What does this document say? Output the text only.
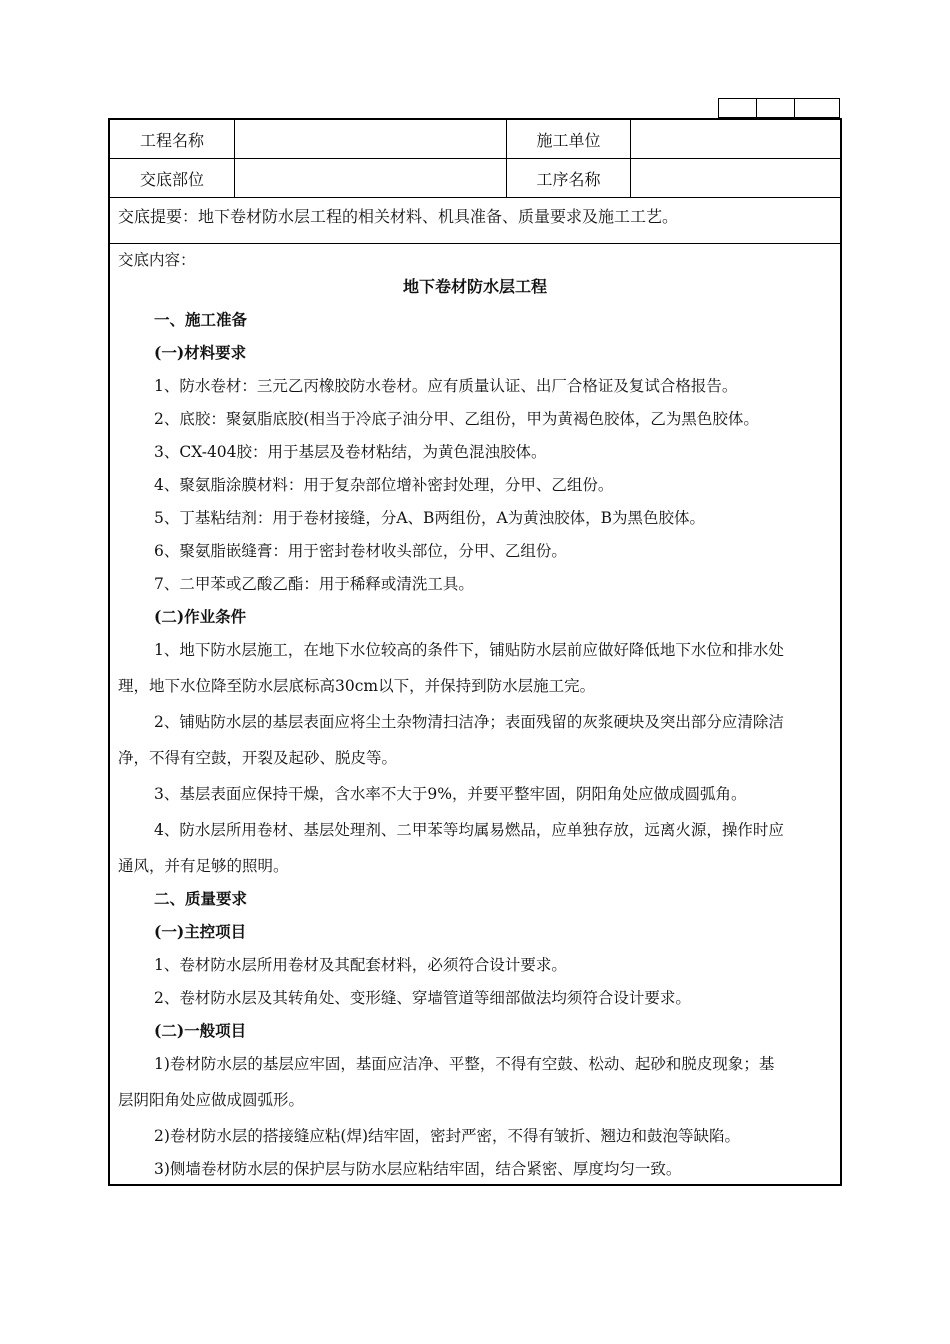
工程名称	施工单位
交底部位	工序名称
交底提要：地下卷材防水层工程的相关材料、机具准备、质量要求及施工工艺。
交底内容：
地下卷材防水层工程
一、施工准备
(一)材料要求
1、防水卷材：三元乙丙橡胶防水卷材。应有质量认证、出厂合格证及复试合格报告。
2、底胶：聚氨脂底胶(相当于冷底子油分甲、乙组份，甲为黄褐色胶体，乙为黑色胶体。
3、CX-404胶：用于基层及卷材粘结，为黄色混浊胶体。
4、聚氨脂涂膜材料：用于复杂部位增补密封处理，分甲、乙组份。
5、丁基粘结剂：用于卷材接缝，分A、B两组份，A为黄浊胶体，B为黑色胶体。
6、聚氨脂嵌缝膏：用于密封卷材收头部位，分甲、乙组份。
7、二甲苯或乙酸乙酯：用于稀释或清洗工具。
(二)作业条件
1、地下防水层施工，在地下水位较高的条件下，铺贴防水层前应做好降低地下水位和排水处
理，地下水位降至防水层底标高30cm以下，并保持到防水层施工完。
2、铺贴防水层的基层表面应将尘土杂物清扫洁净；表面残留的灰浆硬块及突出部分应清除洁
净，不得有空鼓，开裂及起砂、脱皮等。
3、基层表面应保持干燥，含水率不大于9%，并要平整牢固，阴阳角处应做成圆弧角。
4、防水层所用卷材、基层处理剂、二甲苯等均属易燃品，应单独存放，远离火源，操作时应
通风，并有足够的照明。
二、质量要求
(一)主控项目
1、卷材防水层所用卷材及其配套材料，必须符合设计要求。
2、卷材防水层及其转角处、变形缝、穿墙管道等细部做法均须符合设计要求。
(二)一般项目
1)卷材防水层的基层应牢固，基面应洁净、平整，不得有空鼓、松动、起砂和脱皮现象；基
层阴阳角处应做成圆弧形。
2)卷材防水层的搭接缝应粘(焊)结牢固，密封严密，不得有皱折、翘边和鼓泡等缺陷。
3)侧墙卷材防水层的保护层与防水层应粘结牢固，结合紧密、厚度均匀一致。
